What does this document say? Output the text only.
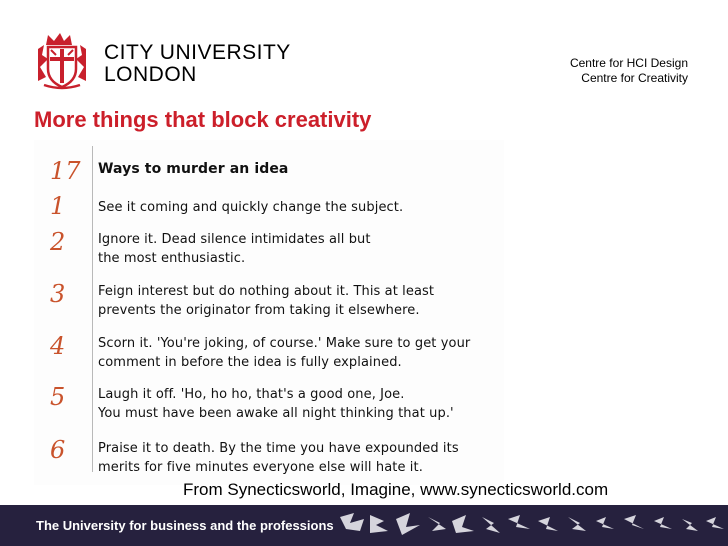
CITY UNIVERSITY
LONDON	Centre for HCI Design
Centre for Creativity
More things that block creativity
17 Ways to murder an idea
1	See it coming and quickly change the subject.
2	Ignore it. Dead silence intimidates all but
the most enthusiastic.
3	Feign interest but do nothing about it. This at least
prevents the originator from taking it elsewhere.
4	Scorn it. 'You're joking, of course.' Make sure to get your
comment in before the idea is fully explained.
5	Laugh it off. 'Ho, ho ho, that's a good one, Joe.
You must have been awake all night thinking that up.'
6	Praise it to death. By the time you have expounded its
merits for five minutes everyone else will hate it.
From Synecticsworld, Imagine, www.synecticsworld.com
The University for business and the professions
